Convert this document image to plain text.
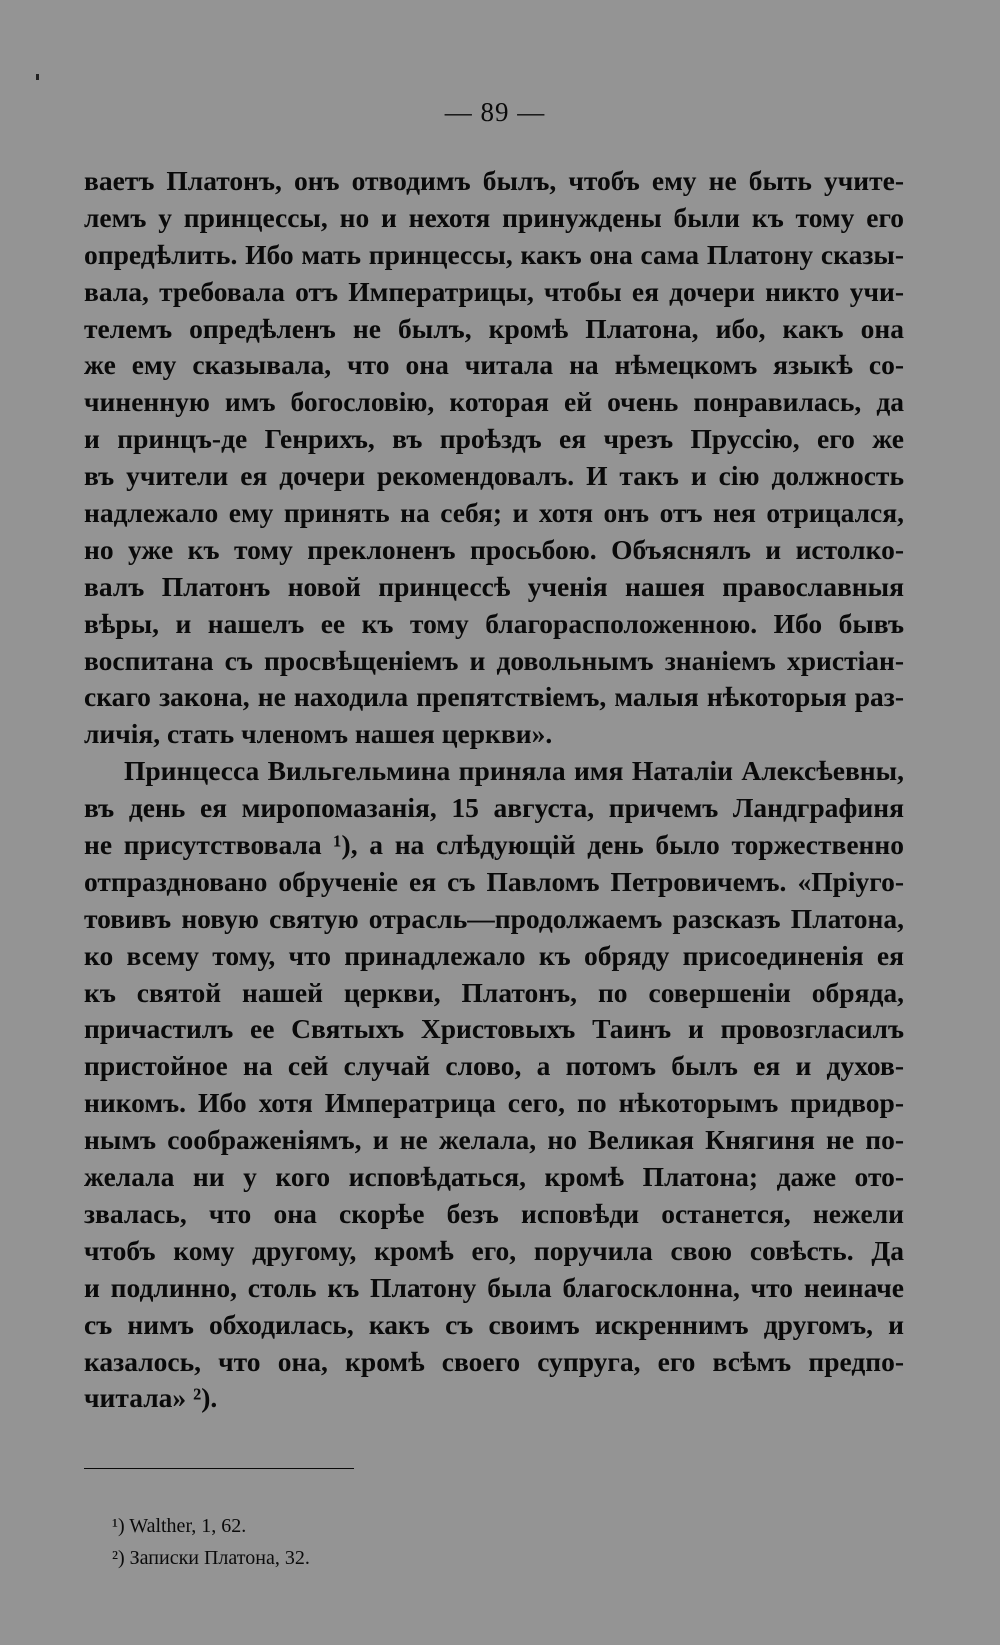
— 89 —
ваетъ Платонъ, онъ отводимъ былъ, чтобъ ему не быть учите-
лемъ у принцессы, но и нехотя принуждены были къ тому его
опредѣлить. Ибо мать принцессы, какъ она сама Платону сказы-
вала, требовала отъ Императрицы, чтобы ея дочери никто учи-
телемъ опредѣленъ не былъ, кромѣ Платона, ибо, какъ она
же ему сказывала, что она читала на нѣмецкомъ языкѣ со-
чиненную имъ богословію, которая ей очень понравилась, да
и принцъ-де Генрихъ, въ проѣздъ ея чрезъ Пруссію, его же
въ учители ея дочери рекомендовалъ. И такъ и сію должность
надлежало ему принять на себя; и хотя онъ отъ нея отрицался,
но уже къ тому преклоненъ просьбою. Объяснялъ и истолко-
валъ Платонъ новой принцессѣ ученія нашея православныя
вѣры, и нашелъ ее къ тому благорасположенною. Ибо бывъ
воспитана съ просвѣщеніемъ и довольнымъ знаніемъ христіан-
скаго закона, не находила препятствіемъ, малыя нѣкоторыя раз-
личія, стать членомъ нашея церкви».
Принцесса Вильгельмина приняла имя Наталіи Алексѣевны,
въ день ея миропомазанія, 15 августа, причемъ Ландграфиня
не присутствовала ¹), а на слѣдующій день было торжественно
отпраздновано обрученіе ея съ Павломъ Петровичемъ. «Пріуго-
товивъ новую святую отрасль—продолжаемъ разсказъ Платона,
ко всему тому, что принадлежало къ обряду присоединенія ея
къ святой нашей церкви, Платонъ, по совершеніи обряда,
причастилъ ее Святыхъ Христовыхъ Таинъ и провозгласилъ
пристойное на сей случай слово, а потомъ былъ ея и духов-
никомъ. Ибо хотя Императрица сего, по нѣкоторымъ придвор-
нымъ соображеніямъ, и не желала, но Великая Княгиня не по-
желала ни у кого исповѣдаться, кромѣ Платона; даже ото-
звалась, что она скорѣе безъ исповѣди останется, нежели
чтобъ кому другому, кромѣ его, поручила свою совѣсть. Да
и подлинно, столь къ Платону была благосклонна, что неиначе
съ нимъ обходилась, какъ съ своимъ искреннимъ другомъ, и
казалось, что она, кромѣ своего супруга, его всѣмъ предпо-
читала» ²).
¹) Walther, 1, 62.
²) Записки Платона, 32.
